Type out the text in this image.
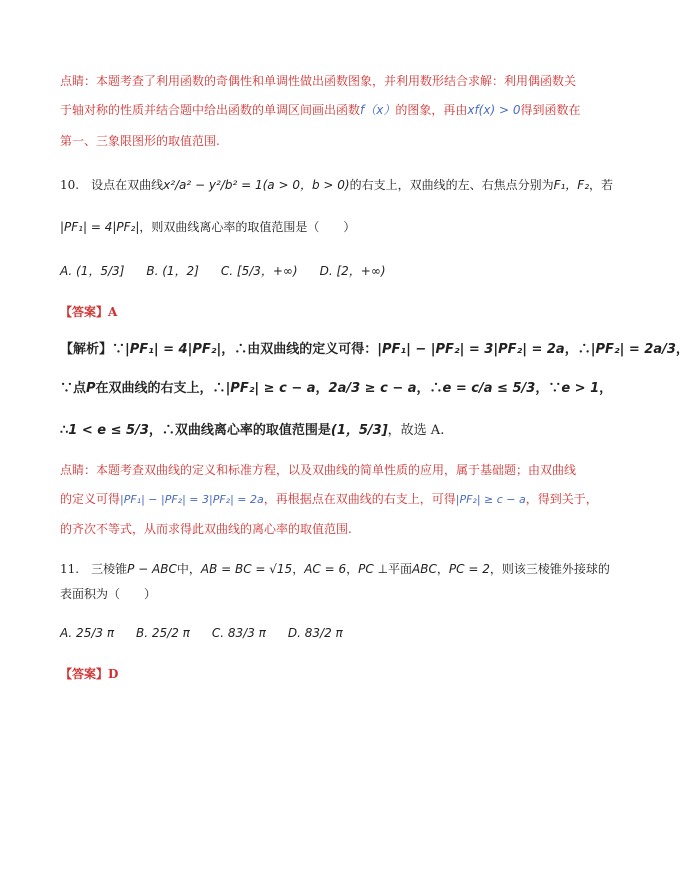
点睛：本题考查了利用函数的奇偶性和单调性做出函数图象，并利用数形结合求解：利用偶函数关
于轴对称的性质并结合题中给出函数的单调区间画出函数f（x）的图象，再由xf(x) > 0得到函数在
第一、三象限图形的取值范围.
10.　设点在双曲线x²/a² − y²/b² = 1(a > 0，b > 0)的右支上，双曲线的左、右焦点分别为F₁，F₂，若
|PF₁| = 4|PF₂|，则双曲线离心率的取值范围是（　　）
A. (1，5/3] B. (1，2] C. [5/3，+∞) D. [2，+∞)
【答案】A
【解析】∵|PF₁| = 4|PF₂|，∴由双曲线的定义可得：|PF₁| − |PF₂| = 3|PF₂| = 2a，∴|PF₂| = 2a/3，
∵点P在双曲线的右支上，∴|PF₂| ≥ c − a，2a/3 ≥ c − a，∴e = c/a ≤ 5/3，∵e > 1，
∴1 < e ≤ 5/3，∴双曲线离心率的取值范围是(1，5/3]，故选 A.
点睛：本题考查双曲线的定义和标准方程，以及双曲线的简单性质的应用，属于基础题；由双曲线
的定义可得|PF₁| − |PF₂| = 3|PF₂| = 2a，再根据点在双曲线的右支上，可得|PF₂| ≥ c − a，得到关于，
的齐次不等式，从而求得此双曲线的离心率的取值范围.
11.　三棱锥P − ABC中，AB = BC = √15，AC = 6，PC ⊥平面ABC，PC = 2，则该三棱锥外接球的
表面积为（　　）
A. 25/3 π B. 25/2 π C. 83/3 π D. 83/2 π
【答案】D
